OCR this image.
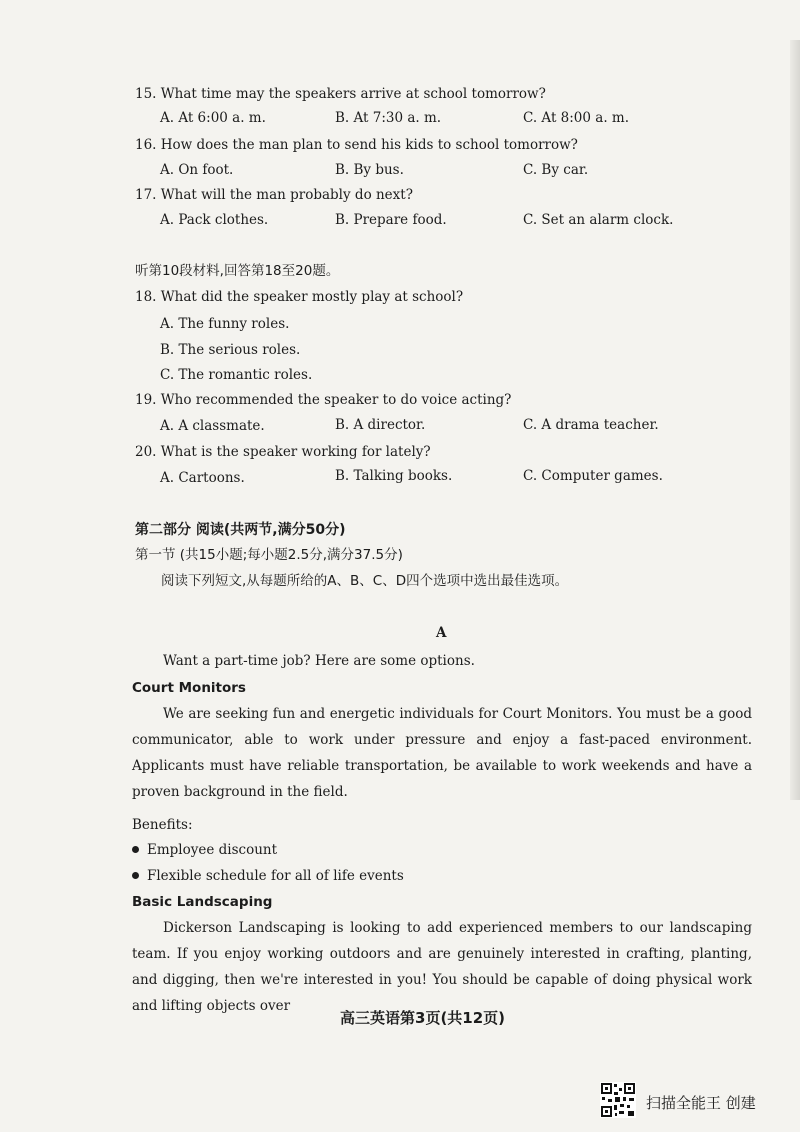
15. What time may the speakers arrive at school tomorrow?
A. At 6:00 a. m.	B. At 7:30 a. m.	C. At 8:00 a. m.
16. How does the man plan to send his kids to school tomorrow?
A. On foot.	B. By bus.	C. By car.
17. What will the man probably do next?
A. Pack clothes.	B. Prepare food.	C. Set an alarm clock.
听第10段材料,回答第18至20题。
18. What did the speaker mostly play at school?
A. The funny roles.
B. The serious roles.
C. The romantic roles.
19. Who recommended the speaker to do voice acting?
A. A classmate.	B. A director.	C. A drama teacher.
20. What is the speaker working for lately?
A. Cartoons.	B. Talking books.	C. Computer games.
第二部分 阅读(共两节,满分50分)
第一节 (共15小题;每小题2.5分,满分37.5分)
阅读下列短文,从每题所给的A、B、C、D四个选项中选出最佳选项。
A
Want a part-time job? Here are some options.
Court Monitors
We are seeking fun and energetic individuals for Court Monitors. You must be a good communicator, able to work under pressure and enjoy a fast-paced environment. Applicants must have reliable transportation, be available to work weekends and have a proven background in the field.
Benefits:
Employee discount
Flexible schedule for all of life events
Basic Landscaping
Dickerson Landscaping is looking to add experienced members to our landscaping team. If you enjoy working outdoors and are genuinely interested in crafting, planting, and digging, then we're interested in you! You should be capable of doing physical work and lifting objects over
高三英语第3页(共12页)
扫描全能王 创建
